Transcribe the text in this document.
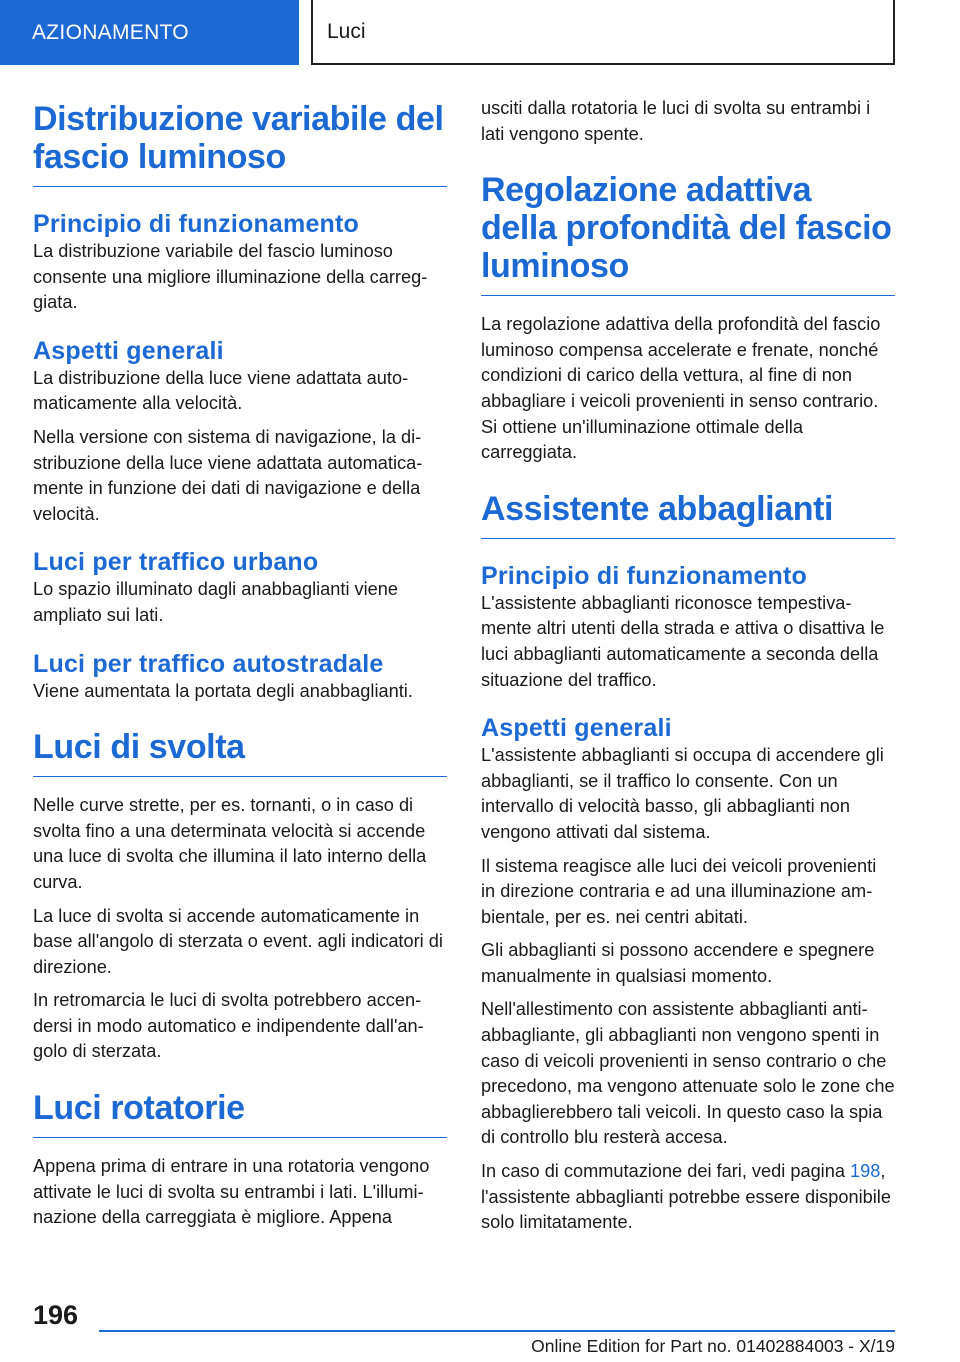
AZIONAMENTO	Luci
Distribuzione variabile del fascio luminoso
Principio di funzionamento

La distribuzione variabile del fascio luminoso consente una migliore illuminazione della carreggiata.

Aspetti generali

La distribuzione della luce viene adattata automaticamente alla velocità.

Nella versione con sistema di navigazione, la distribuzione della luce viene adattata automaticamente in funzione dei dati di navigazione e della velocità.

Luci per traffico urbano

Lo spazio illuminato dagli anabbaglianti viene ampliato sui lati.

Luci per traffico autostradale

Viene aumentata la portata degli anabbaglianti.

Luci di svolta

Nelle curve strette, per es. tornanti, o in caso di svolta fino a una determinata velocità si accende una luce di svolta che illumina il lato interno della curva.

La luce di svolta si accende automaticamente in base all'angolo di sterzata o event. agli indicatori di direzione.

In retromarcia le luci di svolta potrebbero accendersi in modo automatico e indipendente dall'angolo di sterzata.

Luci rotatorie

Appena prima di entrare in una rotatoria vengono attivate le luci di svolta su entrambi i lati. L'illuminazione della carreggiata è migliore. Appena

usciti dalla rotatoria le luci di svolta su entrambi i lati vengono spente.

Regolazione adattiva della profondità del fascio luminoso

La regolazione adattiva della profondità del fascio luminoso compensa accelerate e frenate, nonché condizioni di carico della vettura, al fine di non abbagliare i veicoli provenienti in senso contrario. Si ottiene un'illuminazione ottimale della carreggiata.

Assistente abbaglianti
Principio di funzionamento

L'assistente abbaglianti riconosce tempestivamente altri utenti della strada e attiva o disattiva le luci abbaglianti automaticamente a seconda della situazione del traffico.

Aspetti generali

L'assistente abbaglianti si occupa di accendere gli abbaglianti, se il traffico lo consente. Con un intervallo di velocità basso, gli abbaglianti non vengono attivati dal sistema.

Il sistema reagisce alle luci dei veicoli provenienti in direzione contraria e ad una illuminazione ambientale, per es. nei centri abitati.

Gli abbaglianti si possono accendere e spegnere manualmente in qualsiasi momento.

Nell'allestimento con assistente abbaglianti antiabbagliante, gli abbaglianti non vengono spenti in caso di veicoli provenienti in senso contrario o che precedono, ma vengono attenuate solo le zone che abbaglierebbero tali veicoli. In questo caso la spia di controllo blu resterà accesa.

In caso di commutazione dei fari, vedi pagina 198, l'assistente abbaglianti potrebbe essere disponibile solo limitatamente.

196
Online Edition for Part no. 01402884003 - X/19
